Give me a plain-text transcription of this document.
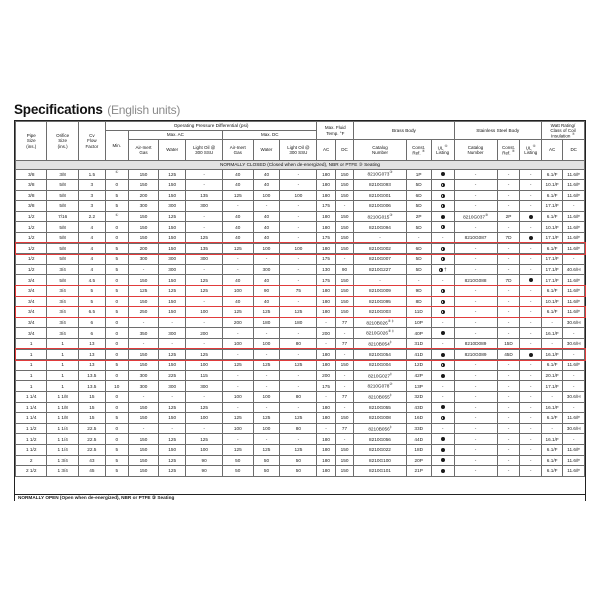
Specifications (English units)
Pipe
Size
(ins.)

Orifice
Size
(ins.)

Cv
Flow
Factor
	Operating Pressure Differential (psi)	Max. Fluid
Temp. °F
	Brass Body	Stainless Steel Body	
Watt Rating/
Class of Coil
Insulation ⑦

			Min.	Max. AC			Max. DC												

Air-Inert
Gas
	Water	
Light Oil @
300 SSU

Air-Inert
Gas
	Water	
Light Oil @
300 SSU
	AC	DC	
Catalog
Number

Const.
Ref. ④

UL ⑤
Listing

Catalog
Number

Const.
Ref. ④

UL ⑤
Listing
	AC	DC
NORMALLY CLOSED (Closed when de-energized), NBR or PTFE ③ Seating																			
3/8	3/8	1.5	①	150	125	-	40	40	-	180	150	8210G073③	1P		-	-	-	6.1/F	11.6/F
3/8	5/8	3	0	150	150	-	40	40	-	180	150	8210G093	5D		-	-	-	10.1/F	11.6/F
3/8	5/8	3	5	200	150	135	125	100	100	180	150	8210G001	6D		-	-	-	6.1/F	11.6/F
3/8	5/8	3	5	300	300	300	-	-	-	175	-	8210G006	5D		-	-	-	17.1/F	-
1/2	7/16	2.2	①	150	125	-	40	40	-	180	150	8210G015③	2P		8210G037③	2P		6.1/F	11.6/F
1/2	5/8	4	0	150	150	-	40	40	-	180	150	8210G094	5D		-	-	-	10.1/F	11.6/F
1/2	5/8	4	0	150	150	125	40	40	-	175	150	-	-	-	8210G087	7D		17.1/F	11.6/F
1/2	5/8	4	5	200	150	135	125	100	100	180	150	8210G002	6D		-	-	-	6.1/F	11.6/F
1/2	5/8	4	5	300	300	300	-	-	-	175	-	8210G007	5D		-	-	-	17.1/F	-
1/2	3/4	4	5	-	300	-	-	300	-	130	90	8210G227	5D	†	-	-	-	17.1/F	40.6/H
3/4	5/8	4.5	0	150	150	125	40	40	-	175	150	-	-	-	8210G088	7D		17.1/F	11.6/F
3/4	3/4	5	5	125	125	125	100	90	75	180	150	8210G009	9D		-	-	-	6.1/F	11.6/F
3/4	3/4	5	0	150	150	-	40	40	-	180	150	8210G095	8D		-	-	-	10.1/F	11.6/F
3/4	3/4	6.5	5	250	150	100	125	125	125	180	150	8210G003	11D		-	-	-	6.1/F	11.6/F
3/4	3/4	6	0	-	-	-	200	180	180	-	77	8210B026② ‡	10P	-	-	-	-	-	30.6/H
3/4	3/4	6	0	350	300	200	-	-	-	200	-	8210G026② ‡	40P		-	-	-	16.1/F	-
1	1	13	0	-	-	-	100	100	80	-	77	8210B054‡	31D	-	8210D089	15D	-	-	30.6/H
1	1	13	0	150	125	125	-	-	-	180	-	8210G054	41D		8210G089	45D		16.1/F	-
1	1	13	5	150	150	100	125	125	125	180	150	8210G004	12D		-	-	-	6.1/F	11.6/F
1	1	13.5	0	300	225	115	-	-	-	200	-	8210G027‡	42P		-	-	-	20.1/F	-
1	1	13.5	10	300	300	300	-	-	-	175	-	8210G078②	13P	-	-	-	-	17.1/F	-
1 1/4	1 1/8	15	0	-	-	-	100	100	80	-	77	8210B055‡	32D	-	-	-	-	-	30.6/H
1 1/4	1 1/8	15	0	150	125	125	-	-	-	180	-	8210G055	43D		-	-	-	16.1/F	-
1 1/4	1 1/8	15	5	150	150	100	125	125	125	180	150	8210G008	16D		-	-	-	6.1/F	11.6/F
1 1/2	1 1/4	22.5	0	-	-	-	100	100	80	-	77	8210B056‡	33D	-	-	-	-	-	30.6/H
1 1/2	1 1/4	22.5	0	150	125	125	-	-	-	180	-	8210G056	44D		-	-	-	16.1/F	-
1 1/2	1 1/4	22.5	5	150	150	100	125	125	125	180	150	8210G022	18D		-	-	-	6.1/F	11.6/F
2	1 3/4	43	5	150	125	90	50	50	50	180	150	8210G100	20P		-	-	-	6.1/F	11.6/F
2 1/2	1 3/4	45	5	150	125	90	50	50	50	180	150	8210G101	21P		-	-	-	6.1/F	11.6/F
NORMALLY OPEN (Open when de-energized), NBR or PTFE ③ Seating
